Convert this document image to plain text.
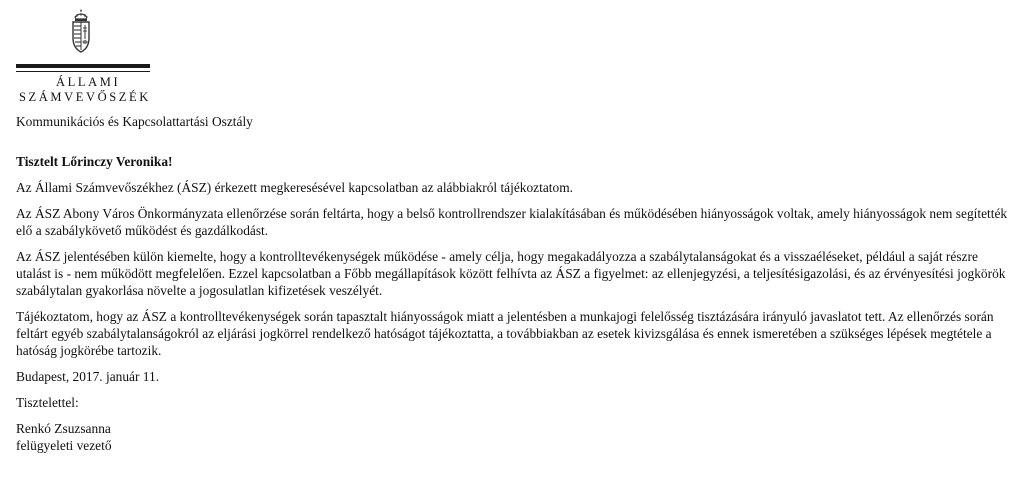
ÁLLAMI
SZÁMVEVŐSZÉK
Kommunikációs és Kapcsolattartási Osztály

Tisztelt Lőrinczy Veronika!

Az Állami Számvevőszékhez (ÁSZ) érkezett megkeresésével kapcsolatban az alábbiakról tájékoztatom.

Az ÁSZ Abony Város Önkormányzata ellenőrzése során feltárta, hogy a belső kontrollrendszer kialakításában és működésében hiányosságok voltak, amely hiányosságok nem segítették elő a szabálykövető működést és gazdálkodást.

Az ÁSZ jelentésében külön kiemelte, hogy a kontrolltevékenységek működése - amely célja, hogy megakadályozza a szabálytalanságokat és a visszaéléseket, például a saját részre utalást is - nem működött megfelelően. Ezzel kapcsolatban a Főbb megállapítások között felhívta az ÁSZ a figyelmet: az ellenjegyzési, a teljesítésigazolási, és az érvényesítési jogkörök szabálytalan gyakorlása növelte a jogosulatlan kifizetések veszélyét.

Tájékoztatom, hogy az ÁSZ a kontrolltevékenységek során tapasztalt hiányosságok miatt a jelentésben a munkajogi felelősség tisztázására irányuló javaslatot tett. Az ellenőrzés során feltárt egyéb szabálytalanságokról az eljárási jogkörrel rendelkező hatóságot tájékoztatta, a továbbiakban az esetek kivizsgálása és ennek ismeretében a szükséges lépések megtétele a hatóság jogkörébe tartozik.

Budapest, 2017. január 11.

Tisztelettel:

Renkó Zsuzsanna
felügyeleti vezető
